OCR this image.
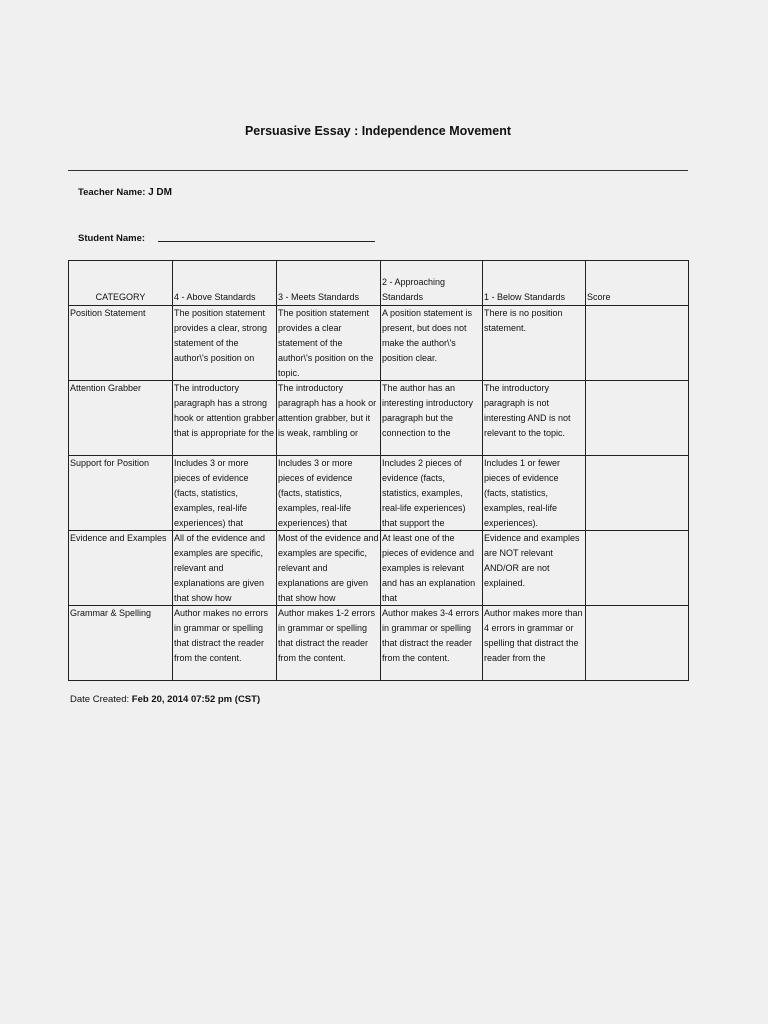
Persuasive Essay : Independence Movement
Teacher Name: J DM
Student Name:
CATEGORY	4 - Above Standards	3 - Meets Standards	2 - Approaching Standards	1 - Below Standards	Score

Position Statement	The position statement provides a clear, strong statement of the author\'s position on	The position statement provides a clear statement of the author\'s position on the topic.	A position statement is present, but does not make the author\'s position clear.	There is no position statement.	

Attention Grabber	The introductory paragraph has a strong hook or attention grabber that is appropriate for the	The introductory paragraph has a hook or attention grabber, but it is weak, rambling or	The author has an interesting introductory paragraph but the connection to the	The introductory paragraph is not interesting AND is not relevant to the topic.	

Support for Position	Includes 3 or more pieces of evidence (facts, statistics, examples, real-life experiences) that	Includes 3 or more pieces of evidence (facts, statistics, examples, real-life experiences) that	Includes 2 pieces of evidence (facts, statistics, examples, real-life experiences) that support the	Includes 1 or fewer pieces of evidence (facts, statistics, examples, real-life experiences).	

Evidence and Examples	All of the evidence and examples are specific, relevant and explanations are given that show how	Most of the evidence and examples are specific, relevant and explanations are given that show how	At least one of the pieces of evidence and examples is relevant and has an explanation that	Evidence and examples are NOT relevant AND/OR are not explained.	

Grammar & Spelling	Author makes no errors in grammar or spelling that distract the reader from the content.	Author makes 1-2 errors in grammar or spelling that distract the reader from the content.	Author makes 3-4 errors in grammar or spelling that distract the reader from the content.	Author makes more than 4 errors in grammar or spelling that distract the reader from the	

Date Created: Feb 20, 2014 07:52 pm (CST)
